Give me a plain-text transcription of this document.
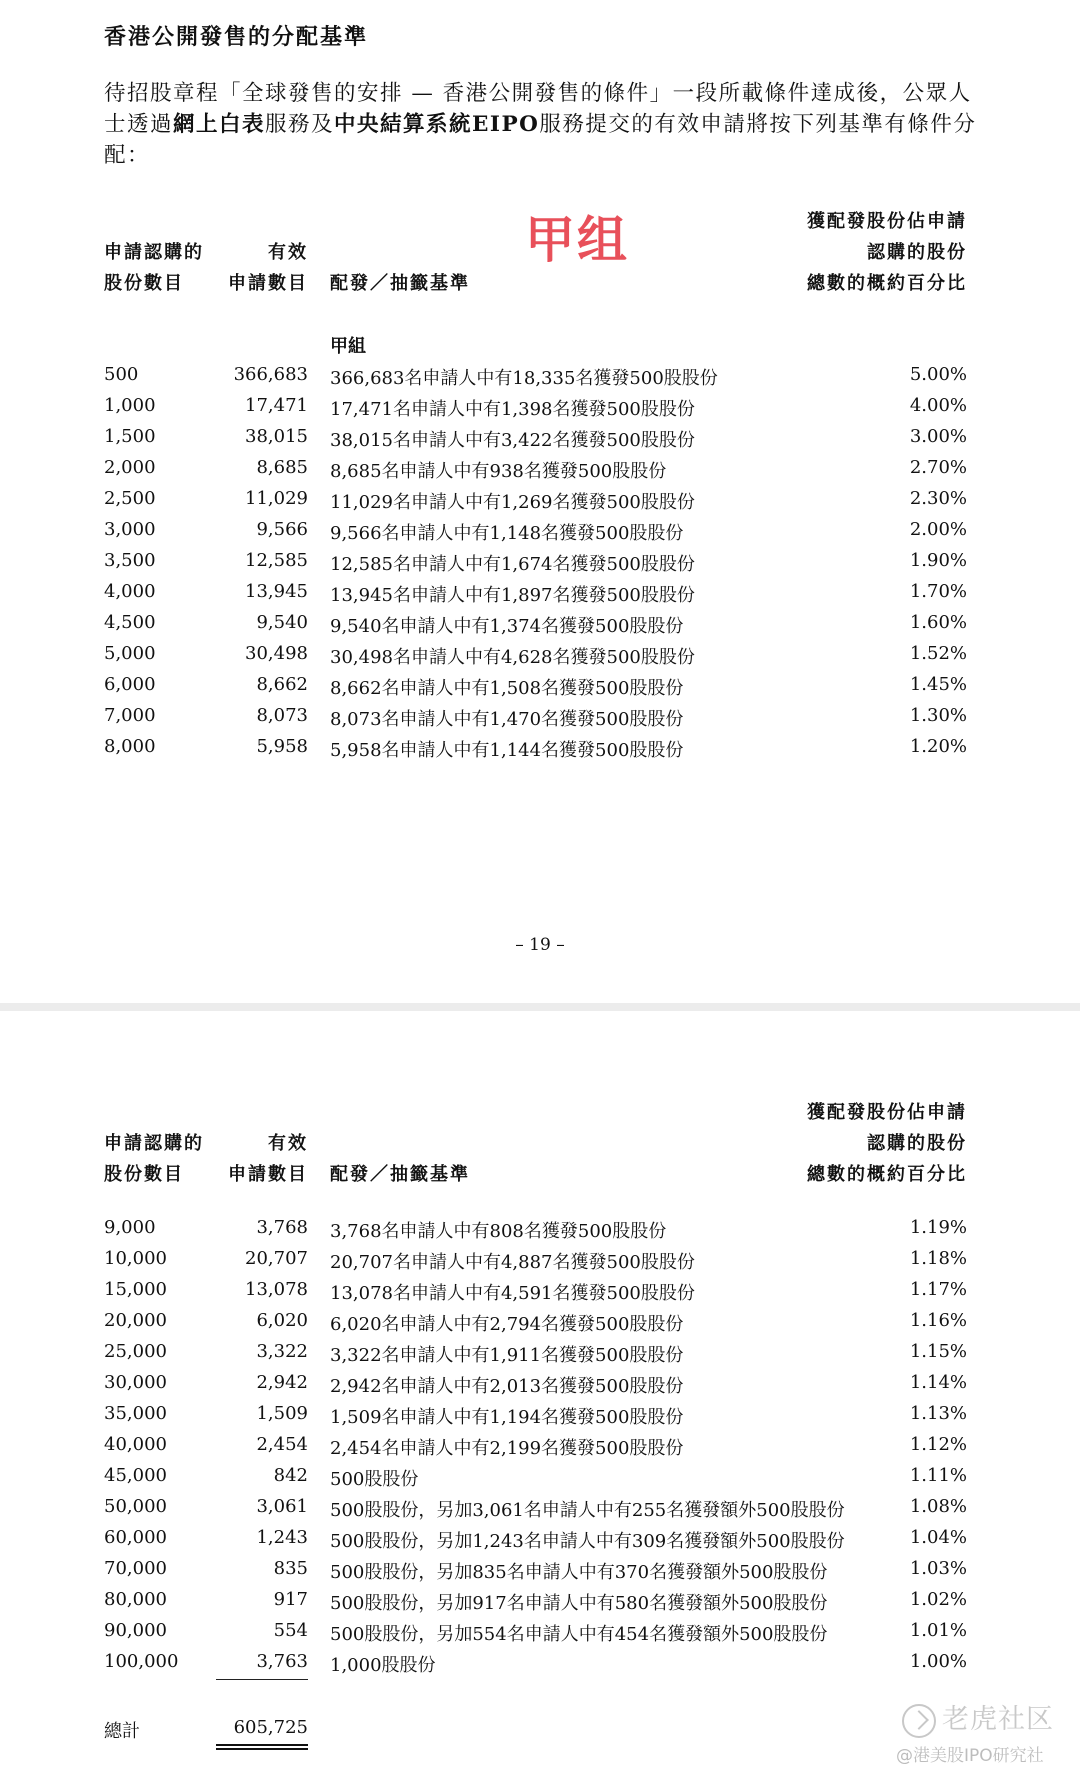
香港公開發售的分配基準
待招股章程「全球發售的安排 — 香港公開發售的條件」一段所載條件達成後，公眾人士透過網上白表服務及中央結算系統EIPO服務提交的有效申請將按下列基準有條件分配：
甲组
申請認購的
股份數目
有效
申請數目 配發／抽籤基準
獲配發股份佔申請
認購的股份
總數的概約百分比
甲組
500	366,683 366,683名申請人中有18,335名獲發500股股份	5.00%
1,000	17,471 17,471名申請人中有1,398名獲發500股股份	4.00%
1,500	38,015 38,015名申請人中有3,422名獲發500股股份	3.00%
2,000	8,685 8,685名申請人中有938名獲發500股股份	2.70%
2,500	11,029 11,029名申請人中有1,269名獲發500股股份	2.30%
3,000	9,566 9,566名申請人中有1,148名獲發500股股份	2.00%
3,500	12,585 12,585名申請人中有1,674名獲發500股股份	1.90%
4,000	13,945 13,945名申請人中有1,897名獲發500股股份	1.70%
4,500	9,540 9,540名申請人中有1,374名獲發500股股份	1.60%
5,000	30,498 30,498名申請人中有4,628名獲發500股股份	1.52%
6,000	8,662 8,662名申請人中有1,508名獲發500股股份	1.45%
7,000	8,073 8,073名申請人中有1,470名獲發500股股份	1.30%
8,000	5,958 5,958名申請人中有1,144名獲發500股股份	1.20%
– 19 –
申請認購的
股份數目
有效
申請數目 配發／抽籤基準
獲配發股份佔申請
認購的股份
總數的概約百分比
9,000	3,768 3,768名申請人中有808名獲發500股股份	1.19%
10,000	20,707 20,707名申請人中有4,887名獲發500股股份	1.18%
15,000	13,078 13,078名申請人中有4,591名獲發500股股份	1.17%
20,000	6,020 6,020名申請人中有2,794名獲發500股股份	1.16%
25,000	3,322 3,322名申請人中有1,911名獲發500股股份	1.15%
30,000	2,942 2,942名申請人中有2,013名獲發500股股份	1.14%
35,000	1,509 1,509名申請人中有1,194名獲發500股股份	1.13%
40,000	2,454 2,454名申請人中有2,199名獲發500股股份	1.12%
45,000	842 500股股份	1.11%
50,000	3,061 500股股份，另加3,061名申請人中有255名獲發額外500股股份	1.08%
60,000	1,243 500股股份，另加1,243名申請人中有309名獲發額外500股股份	1.04%
70,000	835 500股股份，另加835名申請人中有370名獲發額外500股股份	1.03%
80,000	917 500股股份，另加917名申請人中有580名獲發額外500股股份	1.02%
90,000	554 500股股份，另加554名申請人中有454名獲發額外500股股份	1.01%
100,000	3,763 1,000股股份	1.00%
總計	605,725	老虎社区
@港美股IPO研究社
